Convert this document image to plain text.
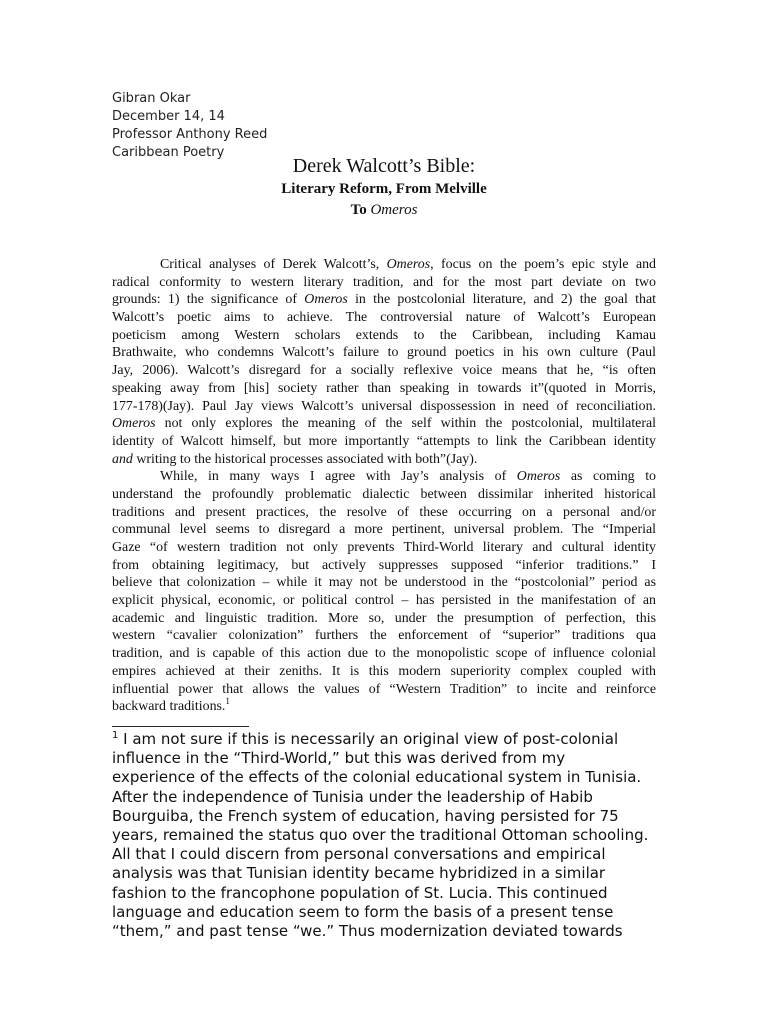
Gibran Okar
December 14, 14
Professor Anthony Reed
Caribbean Poetry
Derek Walcott’s Bible:
Literary Reform, From Melville
To Omeros
Critical analyses of Derek Walcott’s, Omeros, focus on the poem’s epic style and
radical conformity to western literary tradition, and for the most part deviate on two
grounds: 1) the significance of Omeros in the postcolonial literature, and 2) the goal that
Walcott’s poetic aims to achieve. The controversial nature of Walcott’s European
poeticism among Western scholars extends to the Caribbean, including Kamau
Brathwaite, who condemns Walcott’s failure to ground poetics in his own culture (Paul
Jay, 2006). Walcott’s disregard for a socially reflexive voice means that he, “is often
speaking away from [his] society rather than speaking in towards it”(quoted in Morris,
177-178)(Jay). Paul Jay views Walcott’s universal dispossession in need of reconciliation.
Omeros not only explores the meaning of the self within the postcolonial, multilateral
identity of Walcott himself, but more importantly “attempts to link the Caribbean identity
and writing to the historical processes associated with both”(Jay).
While, in many ways I agree with Jay’s analysis of Omeros as coming to
understand the profoundly problematic dialectic between dissimilar inherited historical
traditions and present practices, the resolve of these occurring on a personal and/or
communal level seems to disregard a more pertinent, universal problem. The “Imperial
Gaze “of western tradition not only prevents Third-World literary and cultural identity
from obtaining legitimacy, but actively suppresses supposed “inferior traditions.” I
believe that colonization – while it may not be understood in the “postcolonial” period as
explicit physical, economic, or political control – has persisted in the manifestation of an
academic and linguistic tradition. More so, under the presumption of perfection, this
western “cavalier colonization” furthers the enforcement of “superior” traditions qua
tradition, and is capable of this action due to the monopolistic scope of influence colonial
empires achieved at their zeniths. It is this modern superiority complex coupled with
influential power that allows the values of “Western Tradition” to incite and reinforce
backward traditions.$^1$
$^1$ I am not sure if this is necessarily an original view of post-colonial
influence in the “Third-World,” but this was derived from my
experience of the effects of the colonial educational system in Tunisia.
After the independence of Tunisia under the leadership of Habib
Bourguiba, the French system of education, having persisted for 75
years, remained the status quo over the traditional Ottoman schooling.
All that I could discern from personal conversations and empirical
analysis was that Tunisian identity became hybridized in a similar
fashion to the francophone population of St. Lucia. This continued
language and education seem to form the basis of a present tense
“them,” and past tense “we.” Thus modernization deviated towards
